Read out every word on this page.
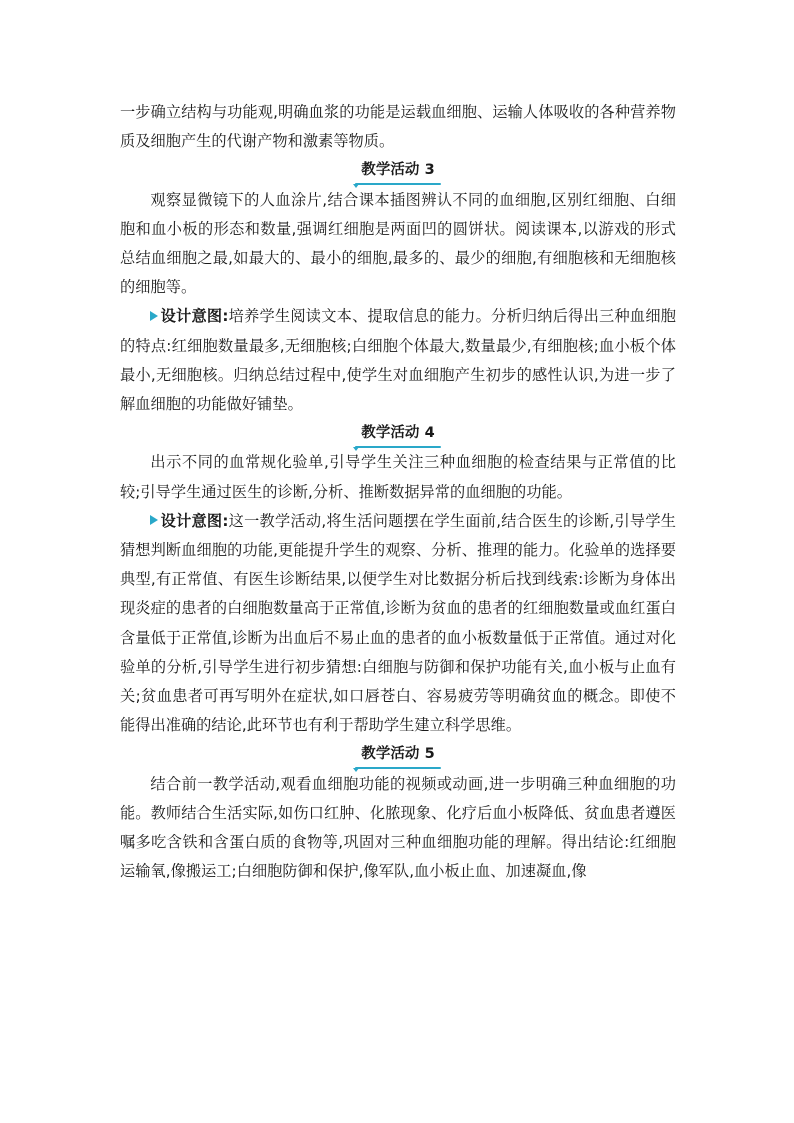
一步确立结构与功能观,明确血浆的功能是运载血细胞、运输人体吸收的各种营养物质及细胞产生的代谢产物和激素等物质。

教学活动 3

观察显微镜下的人血涂片,结合课本插图辨认不同的血细胞,区别红细胞、白细胞和血小板的形态和数量,强调红细胞是两面凹的圆饼状。阅读课本,以游戏的形式总结血细胞之最,如最大的、最小的细胞,最多的、最少的细胞,有细胞核和无细胞核的细胞等。

设计意图:培养学生阅读文本、提取信息的能力。分析归纳后得出三种血细胞的特点:红细胞数量最多,无细胞核;白细胞个体最大,数量最少,有细胞核;血小板个体最小,无细胞核。归纳总结过程中,使学生对血细胞产生初步的感性认识,为进一步了解血细胞的功能做好铺垫。

教学活动 4

出示不同的血常规化验单,引导学生关注三种血细胞的检查结果与正常值的比较;引导学生通过医生的诊断,分析、推断数据异常的血细胞的功能。

设计意图:这一教学活动,将生活问题摆在学生面前,结合医生的诊断,引导学生猜想判断血细胞的功能,更能提升学生的观察、分析、推理的能力。化验单的选择要典型,有正常值、有医生诊断结果,以便学生对比数据分析后找到线索:诊断为身体出现炎症的患者的白细胞数量高于正常值,诊断为贫血的患者的红细胞数量或血红蛋白含量低于正常值,诊断为出血后不易止血的患者的血小板数量低于正常值。通过对化验单的分析,引导学生进行初步猜想:白细胞与防御和保护功能有关,血小板与止血有关;贫血患者可再写明外在症状,如口唇苍白、容易疲劳等明确贫血的概念。即使不能得出准确的结论,此环节也有利于帮助学生建立科学思维。

教学活动 5

结合前一教学活动,观看血细胞功能的视频或动画,进一步明确三种血细胞的功能。教师结合生活实际,如伤口红肿、化脓现象、化疗后血小板降低、贫血患者遵医嘱多吃含铁和含蛋白质的食物等,巩固对三种血细胞功能的理解。得出结论:红细胞运输氧,像搬运工;白细胞防御和保护,像军队,血小板止血、加速凝血,像
